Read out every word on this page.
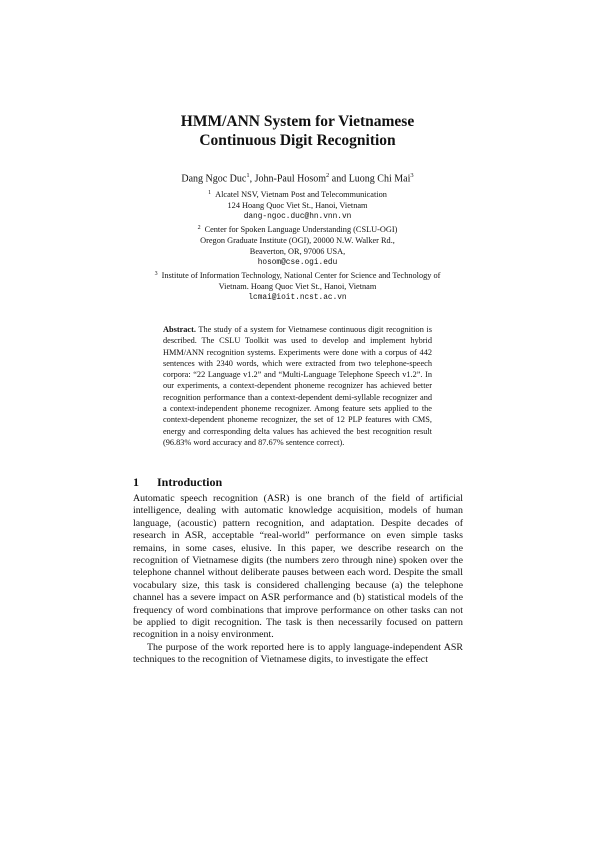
HMM/ANN System for Vietnamese
Continuous Digit Recognition
Dang Ngoc Duc$^1$, John-Paul Hosom$^2$ and Luong Chi Mai$^3$
$^1$ Alcatel NSV, Vietnam Post and Telecommunication
124 Hoang Quoc Viet St., Hanoi, Vietnam
dang-ngoc.duc@hn.vnn.vn
$^2$ Center for Spoken Language Understanding (CSLU-OGI)
Oregon Graduate Institute (OGI), 20000 N.W. Walker Rd.,
Beaverton, OR, 97006 USA,
hosom@cse.ogi.edu
$^3$ Institute of Information Technology, National Center for Science and Technology of
Vietnam. Hoang Quoc Viet St., Hanoi, Vietnam
lcmai@ioit.ncst.ac.vn
Abstract. The study of a system for Vietnamese continuous digit recognition is described. The CSLU Toolkit was used to develop and implement hybrid HMM/ANN recognition systems. Experiments were done with a corpus of 442 sentences with 2340 words, which were extracted from two telephone-speech corpora: “22 Language v1.2” and “Multi-Language Telephone Speech v1.2”. In our experiments, a context-dependent phoneme recognizer has achieved better recognition performance than a context-dependent demi-syllable recognizer and a context-independent phoneme recognizer. Among feature sets applied to the context-dependent phoneme recognizer, the set of 12 PLP features with CMS, energy and corresponding delta values has achieved the best recognition result (96.83% word accuracy and 87.67% sentence correct).
1 Introduction

Automatic speech recognition (ASR) is one branch of the field of artificial intelligence, dealing with automatic knowledge acquisition, models of human language, (acoustic) pattern recognition, and adaptation. Despite decades of research in ASR, acceptable “real-world” performance on even simple tasks remains, in some cases, elusive. In this paper, we describe research on the recognition of Vietnamese digits (the numbers zero through nine) spoken over the telephone channel without deliberate pauses between each word. Despite the small vocabulary size, this task is considered challenging because (a) the telephone channel has a severe impact on ASR performance and (b) statistical models of the frequency of word combinations that improve performance on other tasks can not be applied to digit recognition. The task is then necessarily focused on pattern recognition in a noisy environment.

The purpose of the work reported here is to apply language-independent ASR techniques to the recognition of Vietnamese digits, to investigate the effect
